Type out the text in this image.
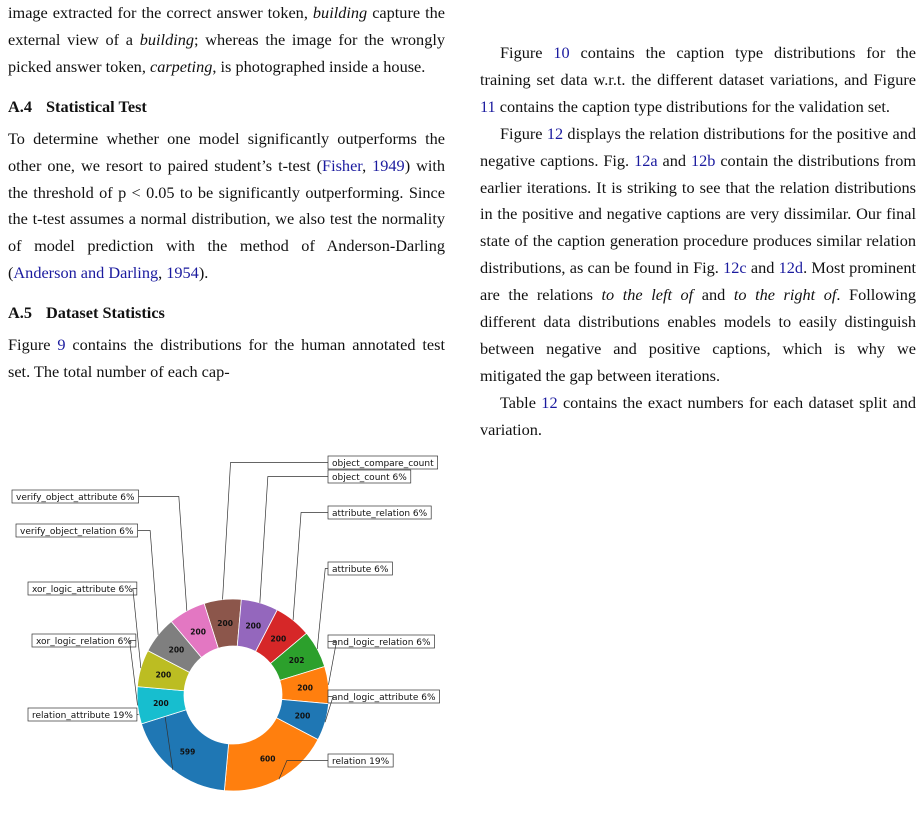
image extracted for the correct answer token, building capture the external view of a building; whereas the image for the wrongly picked answer token, carpeting, is photographed inside a house.

A.4 Statistical Test

To determine whether one model significantly outperforms the other one, we resort to paired student’s t-test (Fisher, 1949) with the threshold of p < 0.05 to be significantly outperforming. Since the t-test assumes a normal distribution, we also test the normality of model prediction with the method of Anderson-Darling (Anderson and Darling, 1954).

A.5 Dataset Statistics

Figure 9 contains the distributions for the human annotated test set. The total number of each cap-

Figure 10 contains the caption type distributions for the training set data w.r.t. the different dataset variations, and Figure 11 contains the caption type distributions for the validation set.

Figure 12 displays the relation distributions for the positive and negative captions. Fig. 12a and 12b contain the distributions from earlier iterations. It is striking to see that the relation distributions in the positive and negative captions are very dissimilar. Our final state of the caption generation procedure produces similar relation distributions, as can be found in Fig. 12c and 12d. Most prominent are the relations to the left of and to the right of. Following different data distributions enables models to easily distinguish between negative and positive captions, which is why we mitigated the gap between iterations.

Table 12 contains the exact numbers for each dataset split and variation.

200
object_compare_count
200
object_count 6%
200
attribute_relation 6%
202
attribute 6%
200
and_logic_relation 6%
200
and_logic_attribute 6%
600	relation 19%
599
relation_attribute 19%
200
xor_logic_relation 6%
200
xor_logic_attribute 6%
200
verify_object_relation 6%
200
verify_object_attribute 6%
